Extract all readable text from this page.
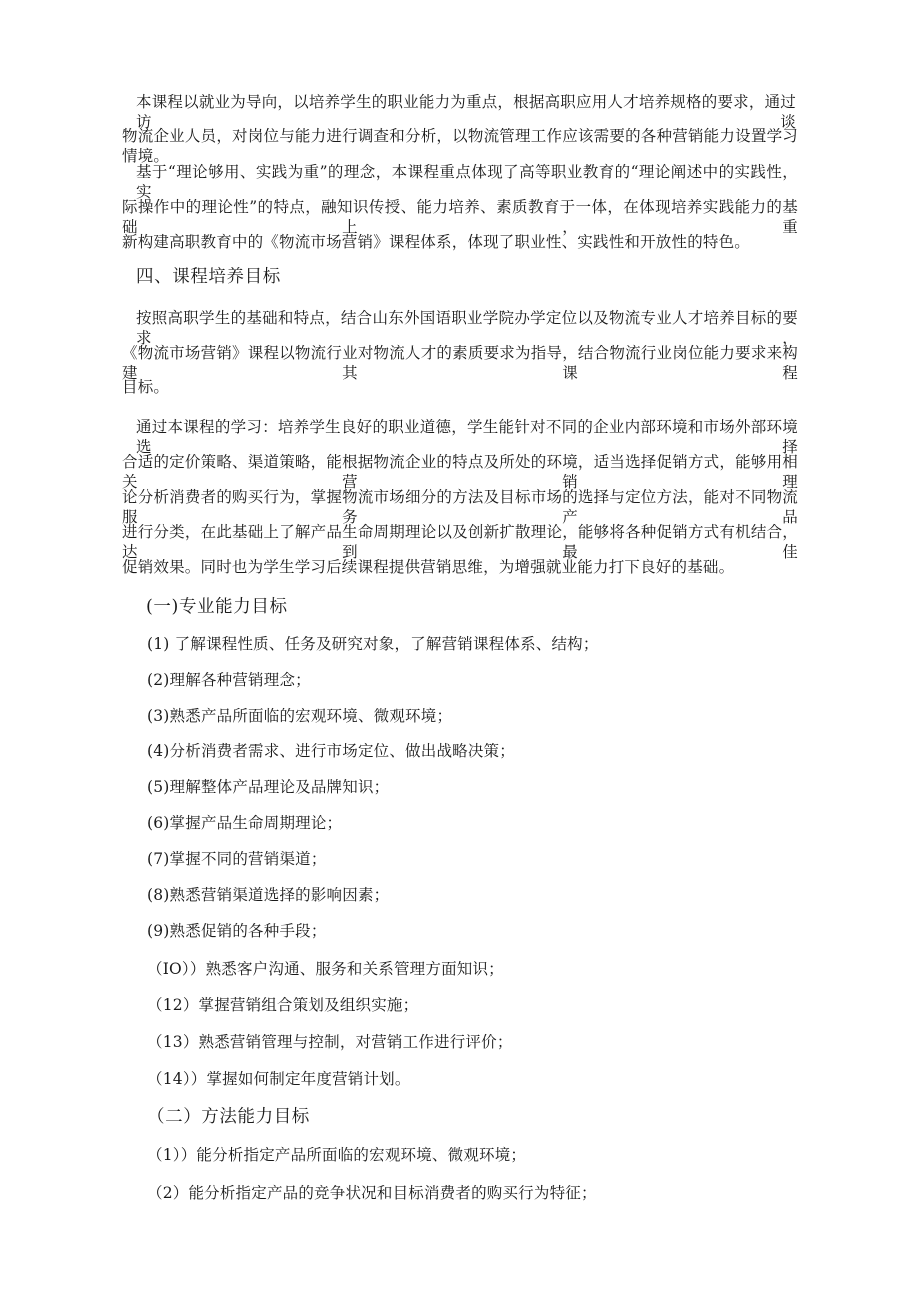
本课程以就业为导向，以培养学生的职业能力为重点，根据高职应用人才培养规格的要求，通过访谈
物流企业人员，对岗位与能力进行调查和分析，以物流管理工作应该需要的各种营销能力设置学习情境。
基于“理论够用、实践为重”的理念，本课程重点体现了高等职业教育的“理论阐述中的实践性，实
际操作中的理论性”的特点，融知识传授、能力培养、素质教育于一体，在体现培养实践能力的基础上，重
新构建高职教育中的《物流市场营销》课程体系，体现了职业性、实践性和开放性的特色。
四、课程培养目标
按照高职学生的基础和特点，结合山东外国语职业学院办学定位以及物流专业人才培养目标的要求，
《物流市场营销》课程以物流行业对物流人才的素质要求为指导，结合物流行业岗位能力要求来构建其课程
目标。
通过本课程的学习：培养学生良好的职业道德，学生能针对不同的企业内部环境和市场外部环境选择
合适的定价策略、渠道策略，能根据物流企业的特点及所处的环境，适当选择促销方式，能够用相关营销理
论分析消费者的购买行为，掌握物流市场细分的方法及目标市场的选择与定位方法，能对不同物流服务产品
进行分类，在此基础上了解产品生命周期理论以及创新扩散理论，能够将各种促销方式有机结合，达到最佳
促销效果。同时也为学生学习后续课程提供营销思维，为增强就业能力打下良好的基础。
(一)专业能力目标
(1) 了解课程性质、任务及研究对象，了解营销课程体系、结构；
(2)理解各种营销理念；
(3)熟悉产品所面临的宏观环境、微观环境；
(4)分析消费者需求、进行市场定位、做出战略决策；
(5)理解整体产品理论及品牌知识；
(6)掌握产品生命周期理论；
(7)掌握不同的营销渠道；
(8)熟悉营销渠道选择的影响因素；
(9)熟悉促销的各种手段；
（IO））熟悉客户沟通、服务和关系管理方面知识；
（12）掌握营销组合策划及组织实施；
（13）熟悉营销管理与控制，对营销工作进行评价；
（14））掌握如何制定年度营销计划。
（二）方法能力目标
（1））能分析指定产品所面临的宏观环境、微观环境；
（2）能分析指定产品的竞争状况和目标消费者的购买行为特征；
